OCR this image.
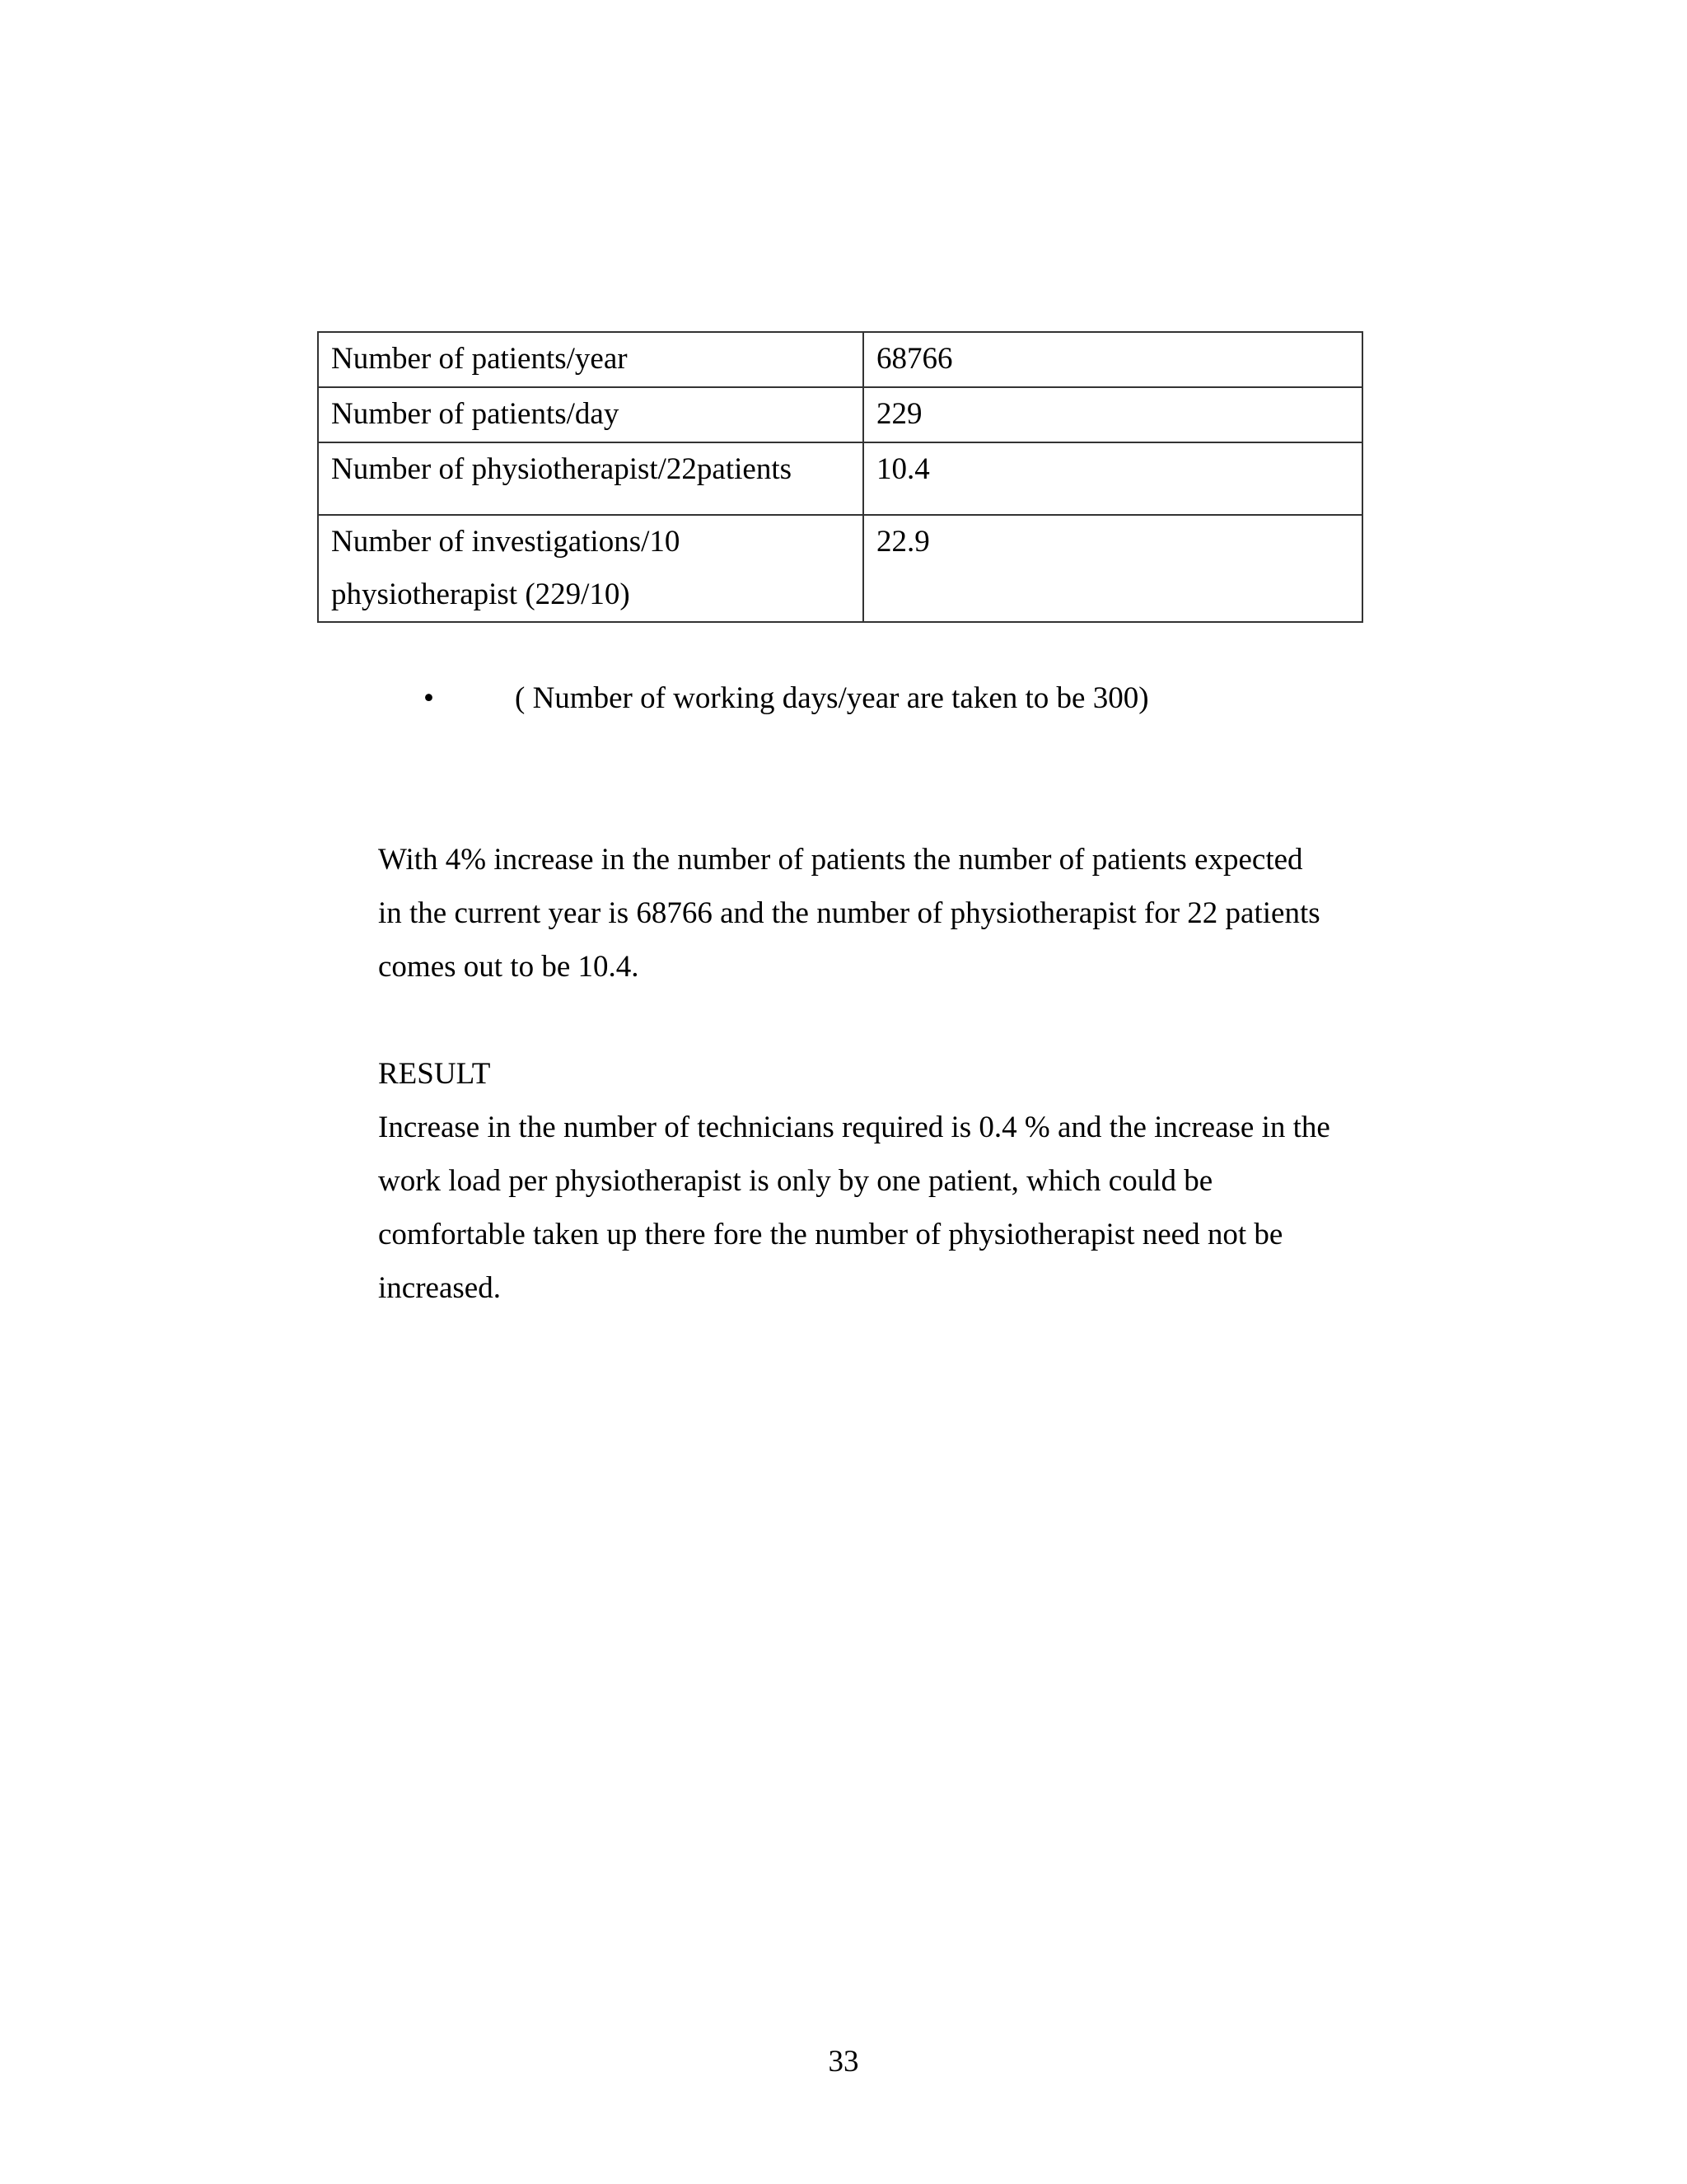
Number of patients/year	68766
Number of patients/day	229
Number of physiotherapist/22patients	10.4
Number of investigations/10
physiotherapist (229/10)	22.9
•	( Number of working days/year are taken to be 300)

With 4% increase in the number of patients the number of patients expected
in the current year is 68766 and the number of physiotherapist for 22 patients
comes out to be 10.4.

RESULT

Increase in the number of technicians required is 0.4 % and the increase in the
work load per physiotherapist is only by one patient, which could be
comfortable taken up there fore the number of physiotherapist need not be
increased.

33
